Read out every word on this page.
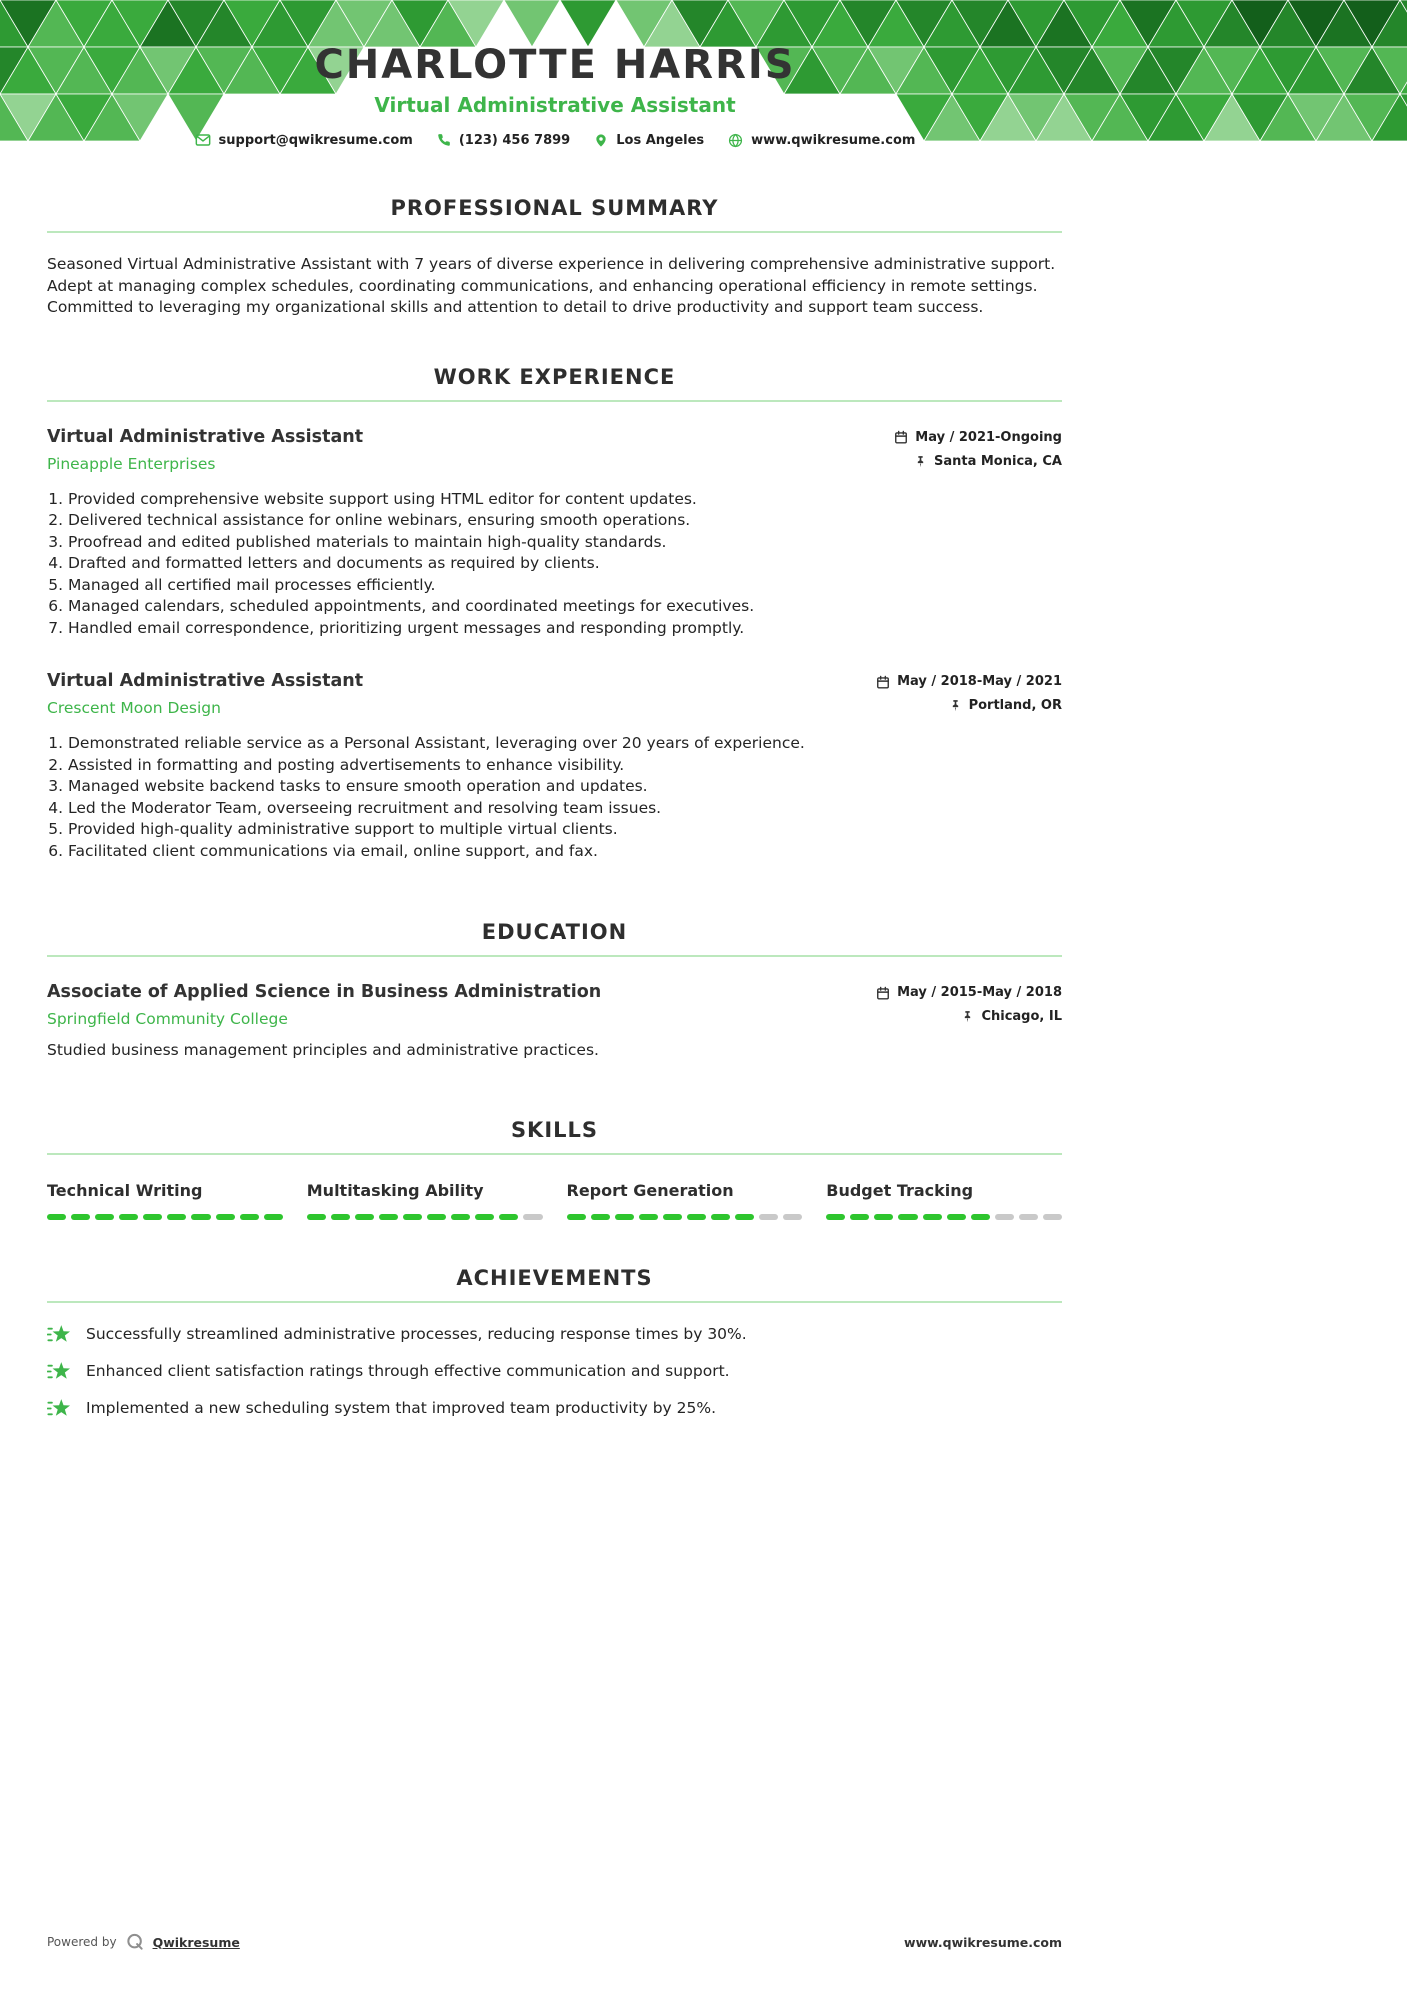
CHARLOTTE HARRIS
Virtual Administrative Assistant
support@qwikresume.com	(123) 456 7899	Los Angeles	www.qwikresume.com
PROFESSIONAL SUMMARY

Seasoned Virtual Administrative Assistant with 7 years of diverse experience in delivering comprehensive administrative support. Adept at managing complex schedules, coordinating communications, and enhancing operational efficiency in remote settings. Committed to leveraging my organizational skills and attention to detail to drive productivity and support team success.

WORK EXPERIENCE
Virtual Administrative Assistant
Pineapple Enterprises
May / 2021-Ongoing
Santa Monica, CA
1. Provided comprehensive website support using HTML editor for content updates.
2. Delivered technical assistance for online webinars, ensuring smooth operations.
3. Proofread and edited published materials to maintain high-quality standards.
4. Drafted and formatted letters and documents as required by clients.
5. Managed all certified mail processes efficiently.
6. Managed calendars, scheduled appointments, and coordinated meetings for executives.
7. Handled email correspondence, prioritizing urgent messages and responding promptly.
Virtual Administrative Assistant
Crescent Moon Design
May / 2018-May / 2021
Portland, OR
1. Demonstrated reliable service as a Personal Assistant, leveraging over 20 years of experience.
2. Assisted in formatting and posting advertisements to enhance visibility.
3. Managed website backend tasks to ensure smooth operation and updates.
4. Led the Moderator Team, overseeing recruitment and resolving team issues.
5. Provided high-quality administrative support to multiple virtual clients.
6. Facilitated client communications via email, online support, and fax.
EDUCATION
Associate of Applied Science in Business Administration
Springfield Community College
May / 2015-May / 2018
Chicago, IL

Studied business management principles and administrative practices.

SKILLS
Technical Writing	Multitasking Ability	Report Generation	Budget Tracking
ACHIEVEMENTS
Successfully streamlined administrative processes, reducing response times by 30%.
Enhanced client satisfaction ratings through effective communication and support.
Implemented a new scheduling system that improved team productivity by 25%.
Powered by	Qwikresume	www.qwikresume.com
